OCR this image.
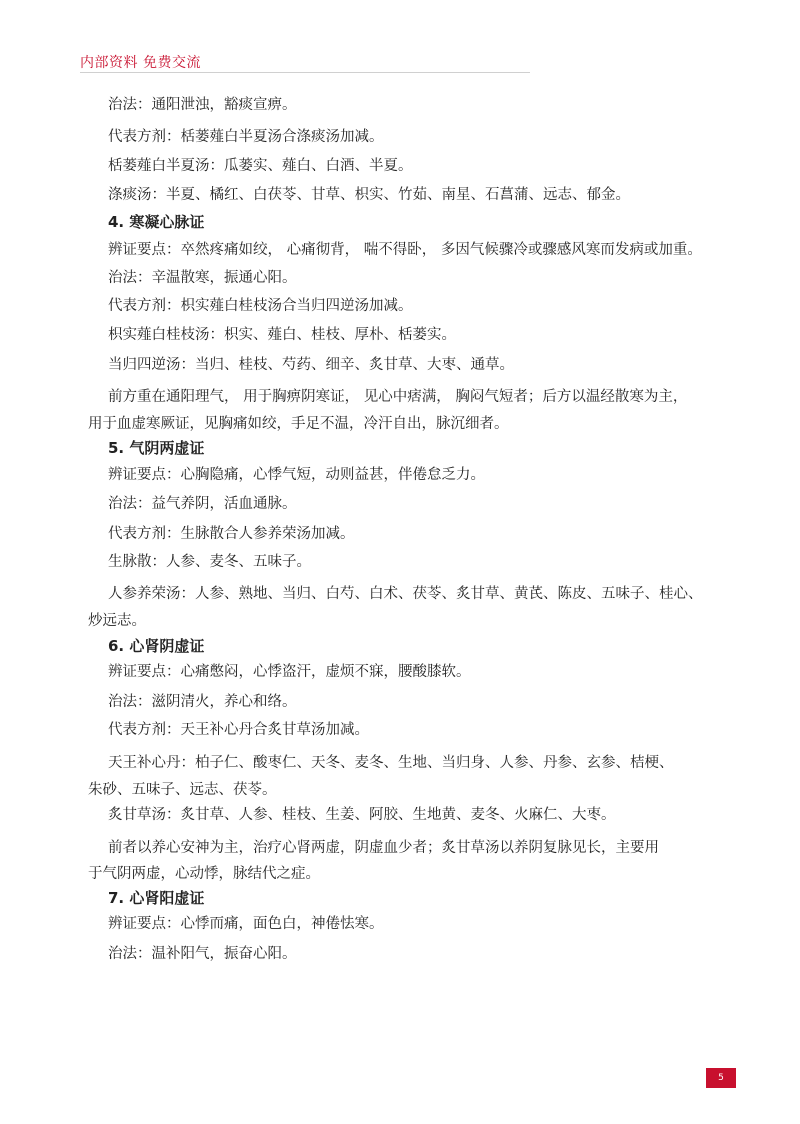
内部资料 免费交流
治法：通阳泄浊，豁痰宣痹。
代表方剂：栝蒌薤白半夏汤合涤痰汤加减。
栝蒌薤白半夏汤：瓜蒌实、薤白、白酒、半夏。
涤痰汤：半夏、橘红、白茯苓、甘草、枳实、竹茹、南星、石菖蒲、远志、郁金。
4. 寒凝心脉证
辨证要点：卒然疼痛如绞， 心痛彻背， 喘不得卧， 多因气候骤冷或骤感风寒而发病或加重。
治法：辛温散寒，振通心阳。
代表方剂：枳实薤白桂枝汤合当归四逆汤加减。
枳实薤白桂枝汤：枳实、薤白、桂枝、厚朴、栝蒌实。
当归四逆汤：当归、桂枝、芍药、细辛、炙甘草、大枣、通草。
前方重在通阳理气， 用于胸痹阴寒证， 见心中痞满， 胸闷气短者；后方以温经散寒为主，
用于血虚寒厥证，见胸痛如绞，手足不温，冷汗自出，脉沉细者。
5. 气阴两虚证
辨证要点：心胸隐痛，心悸气短，动则益甚，伴倦怠乏力。
治法：益气养阴，活血通脉。
代表方剂：生脉散合人参养荣汤加减。
生脉散：人参、麦冬、五味子。
人参养荣汤：人参、熟地、当归、白芍、白术、茯苓、炙甘草、黄芪、陈皮、五味子、桂心、
炒远志。
6. 心肾阴虚证
辨证要点：心痛憋闷，心悸盗汗，虚烦不寐，腰酸膝软。
治法：滋阴清火，养心和络。
代表方剂：天王补心丹合炙甘草汤加减。
天王补心丹：柏子仁、酸枣仁、天冬、麦冬、生地、当归身、人参、丹参、玄参、桔梗、
朱砂、五味子、远志、茯苓。
炙甘草汤：炙甘草、人参、桂枝、生姜、阿胶、生地黄、麦冬、火麻仁、大枣。
前者以养心安神为主，治疗心肾两虚，阴虚血少者；炙甘草汤以养阴复脉见长，主要用
于气阴两虚，心动悸，脉结代之症。
7. 心肾阳虚证
辨证要点：心悸而痛，面色白，神倦怯寒。
治法：温补阳气，振奋心阳。
5
